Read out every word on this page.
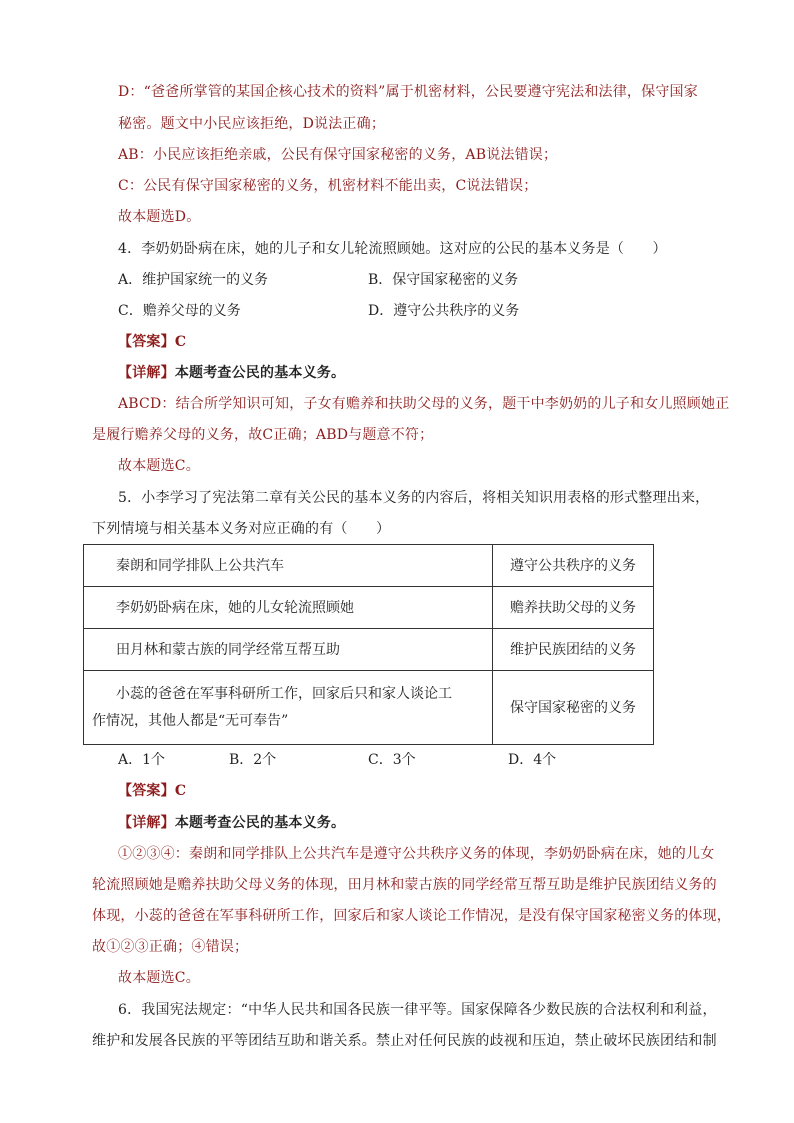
D：“爸爸所掌管的某国企核心技术的资料”属于机密材料，公民要遵守宪法和法律，保守国家
秘密。题文中小民应该拒绝，D说法正确；
AB：小民应该拒绝亲戚，公民有保守国家秘密的义务，AB说法错误；
C：公民有保守国家秘密的义务，机密材料不能出卖，C说法错误；
故本题选D。
4．李奶奶卧病在床，她的儿子和女儿轮流照顾她。这对应的公民的基本义务是（　　）
A．维护国家统一的义务	B．保守国家秘密的义务
C．赡养父母的义务	D．遵守公共秩序的义务
【答案】C
【详解】本题考查公民的基本义务。
ABCD：结合所学知识可知，子女有赡养和扶助父母的义务，题干中李奶奶的儿子和女儿照顾她正
是履行赡养父母的义务，故C正确；ABD与题意不符；
故本题选C。
5．小李学习了宪法第二章有关公民的基本义务的内容后，将相关知识用表格的形式整理出来，
下列情境与相关基本义务对应正确的有（　　）
秦朗和同学排队上公共汽车	遵守公共秩序的义务
李奶奶卧病在床，她的儿女轮流照顾她	赡养扶助父母的义务
田月林和蒙古族的同学经常互帮互助	维护民族团结的义务

小蕊的爸爸在军事科研所工作，回家后只和家人谈论工
作情况，其他人都是“无可奉告”	保守国家秘密的义务
A．1个	B．2个	C．3个	D．4个
【答案】C
【详解】本题考查公民的基本义务。
①②③④：秦朗和同学排队上公共汽车是遵守公共秩序义务的体现，李奶奶卧病在床，她的儿女
轮流照顾她是赡养扶助父母义务的体现，田月林和蒙古族的同学经常互帮互助是维护民族团结义务的
体现，小蕊的爸爸在军事科研所工作，回家后和家人谈论工作情况，是没有保守国家秘密义务的体现，
故①②③正确；④错误；
故本题选C。
6．我国宪法规定：“中华人民共和国各民族一律平等。国家保障各少数民族的合法权利和利益，
维护和发展各民族的平等团结互助和谐关系。禁止对任何民族的歧视和压迫，禁止破坏民族团结和制
